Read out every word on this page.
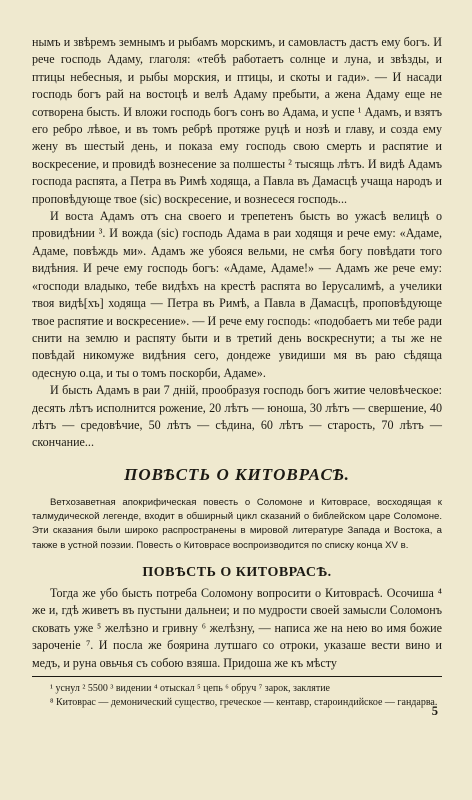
нымъ и звѣремъ земнымъ и рыбамъ морскимъ, и самовластъ дастъ ему богъ. И рече господь Адаму, глаголя: «тебѣ работаетъ солнце и луна, и звѣзды, и птицы небесныя, и рыбы морския, и птицы, и скоты и гади». — И насади господь богъ рай на востоцѣ и велѣ Адаму пребыти, а жена Адаму еще не сотворена бысть. И вложи господь богъ сонъ во Адама, и успе ¹ Адамъ, и взятъ его ребро лѣвое, и въ томъ ребрѣ протяже руцѣ и нозѣ и главу, и созда ему жену въ шестый день, и показа ему господь свою смерть и распятие и воскресение, и провидѣ вознесение за полшесты ² тысящь лѣтъ. И видѣ Адамъ господа распята, а Петра въ Римѣ ходяща, а Павла въ Дамасцѣ учаща народъ и проповѣдующе твое (sic) воскресение, и вознесеся господь...

И воста Адамъ отъ сна своего и трепетенъ бысть во ужасѣ велицѣ о провидѣнии ³. И вожда (sic) господь Адама в раи ходящя и рече ему: «Адаме, Адаме, повѣждь ми». Адамъ же убояся вельми, не смѣя богу повѣдати того видѣния. И рече ему господь богъ: «Адаме, Адаме!» — Адамъ же рече ему: «господи владыко, тебе видѣхъ на крестѣ распята во Іерусалимѣ, а учелики твоя видѣ[хъ] ходяща — Петра въ Римѣ, а Павла в Дамасцѣ, проповѣдующе твое распятие и воскресение». — И рече ему господь: «подобаетъ ми тебе ради снити на землю и распяту быти и в третий день воскреснути; а ты же не повѣдай никомуже видѣния сего, дондеже увидиши мя въ раю сѣдяща одесную о.ца, и ты о томъ поскорби, Адаме».

И бысть Адамъ в раи 7 днiй, прообразуя господь богъ житие человѣческое: десять лѣтъ исполнится рожение, 20 лѣтъ — юноша, 30 лѣтъ — свершение, 40 лѣтъ — средовѣчие, 50 лѣтъ — сѣдина, 60 лѣтъ — старость, 70 лѣтъ — скончание...

ПОВѢСТЬ О КИТОВРАСѢ.

Ветхозаветная апокрифическая повесть о Соломоне и Китоврасе, восходящая к талмудической легенде, входит в обширный цикл сказаний о библейском царе Соломоне. Эти сказания были широко распространены в мировой литературе Запада и Востока, а также в устной поэзии. Повесть о Китоврасе воспроизводится по списку конца XV в.

ПОВѢСТЬ О КИТОВРАСѢ.

Тогда же убо бысть потреба Соломону вопросити о Китоврасѣ. Осочиша ⁴ же и, гдѣ живетъ въ пустыни дальнеи; и по мудрости своей замысли Соломонъ сковать уже ⁵ желѣзно и гривну ⁶ желѣзну, — написа же на нею во имя божие зароченiе ⁷. И посла же боярина лутшаго со отроки, указаше вести вино и медъ, и руна овьчья съ собою взяша. Придоша же къ мѣсту

¹ уснул ² 5500 ³ видении ⁴ отыскал ⁵ цепь ⁶ обруч ⁷ зарок, заклятие

⁸ Китоврас — демонический существо, греческое — кентавр, староиндийское — гандарва.

5
